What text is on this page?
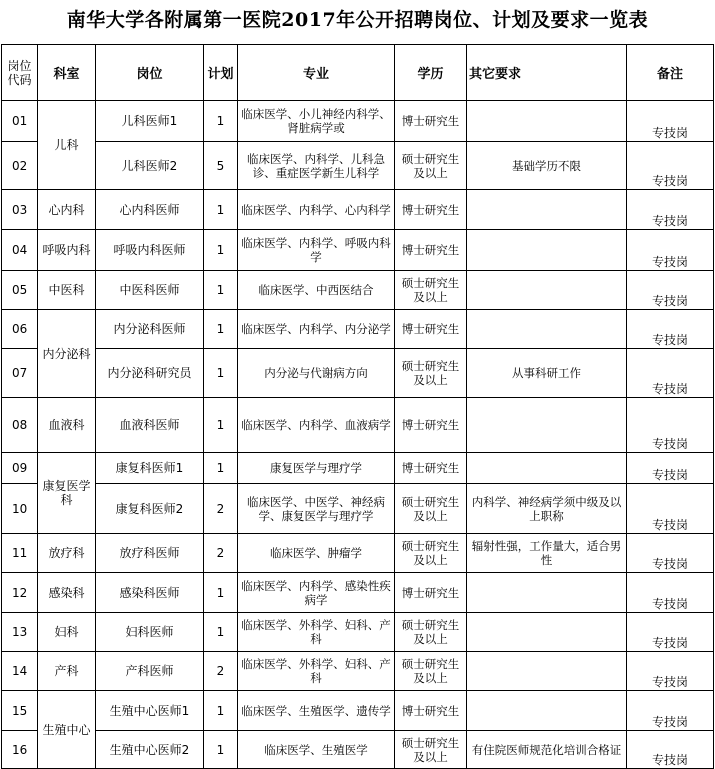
南华大学各附属第一医院2017年公开招聘岗位、计划及要求一览表
岗位代码	科室	岗位	计划	专业	学历	其它要求	备注
01	儿科	儿科医师1	1	临床医学、小儿神经内科学、肾脏病学或	博士研究生		专技岗
02		儿科医师2	5	临床医学、内科学、儿科急诊、重症医学新生儿科学	硕士研究生及以上	基础学历不限	专技岗
03	心内科	心内科医师	1	临床医学、内科学、心内科学	博士研究生		专技岗
04	呼吸内科	呼吸内科医师	1	临床医学、内科学、呼吸内科学	博士研究生		专技岗
05	中医科	中医科医师	1	临床医学、中西医结合	硕士研究生及以上		专技岗
06	内分泌科	内分泌科医师	1	临床医学、内科学、内分泌学	博士研究生		专技岗
07		内分泌科研究员	1	内分泌与代谢病方向	硕士研究生及以上	从事科研工作	专技岗
08	血液科	血液科医师	1	临床医学、内科学、血液病学	博士研究生		专技岗
09	康复医学科	康复科医师1	1	康复医学与理疗学	博士研究生		专技岗
10		康复科医师2	2	临床医学、中医学、神经病学、康复医学与理疗学	硕士研究生及以上	内科学、神经病学须中级及以上职称	专技岗
11	放疗科	放疗科医师	2	临床医学、肿瘤学	硕士研究生及以上	辐射性强，工作量大，适合男性	专技岗
12	感染科	感染科医师	1	临床医学、内科学、感染性疾病学	博士研究生		专技岗
13	妇科	妇科医师	1	临床医学、外科学、妇科、产科	硕士研究生及以上		专技岗
14	产科	产科医师	2	临床医学、外科学、妇科、产科	硕士研究生及以上		专技岗
15	生殖中心	生殖中心医师1	1	临床医学、生殖医学、遗传学	博士研究生		专技岗
16		生殖中心医师2	1	临床医学、生殖医学	硕士研究生及以上	有住院医师规范化培训合格证	专技岗
